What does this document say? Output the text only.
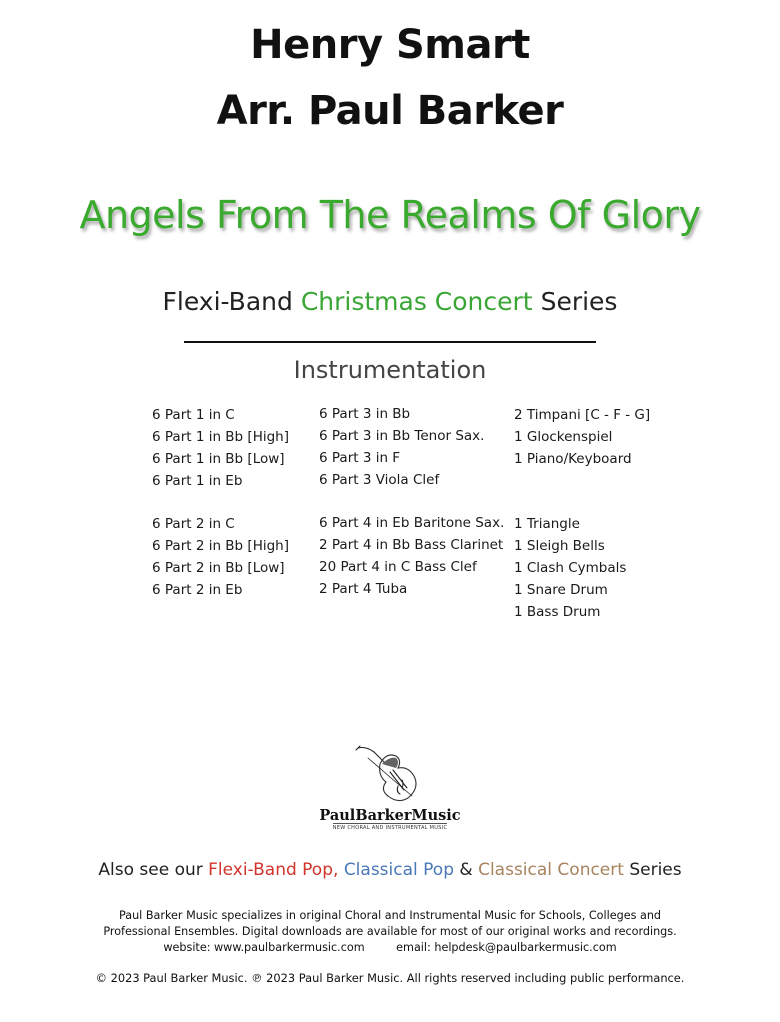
Henry Smart
Arr. Paul Barker
Angels From The Realms Of Glory
Flexi-Band Christmas Concert Series
Instrumentation
6 Part 1 in C
6 Part 1 in Bb [High]
6 Part 1 in Bb [Low]
6 Part 1 in Eb
6 Part 2 in C
6 Part 2 in Bb [High]
6 Part 2 in Bb [Low]
6 Part 2 in Eb
6 Part 3 in Bb
6 Part 3 in Bb Tenor Sax.
6 Part 3 in F
6 Part 3 Viola Clef
6 Part 4 in Eb Baritone Sax.
2 Part 4 in Bb Bass Clarinet
20 Part 4 in C Bass Clef
2 Part 4 Tuba
2 Timpani [C - F - G]
1 Glockenspiel
1 Piano/Keyboard
1 Triangle
1 Sleigh Bells
1 Clash Cymbals
1 Snare Drum
1 Bass Drum
PaulBarkerMusic
NEW CHORAL AND INSTRUMENTAL MUSIC
Also see our Flexi-Band Pop, Classical Pop & Classical Concert Series
Paul Barker Music specializes in original Choral and Instrumental Music for Schools, Colleges and
Professional Ensembles. Digital downloads are available for most of our original works and recordings.
website: www.paulbarkermusic.com	email: helpdesk@paulbarkermusic.com
© 2023 Paul Barker Music. ℗ 2023 Paul Barker Music. All rights reserved including public performance.
